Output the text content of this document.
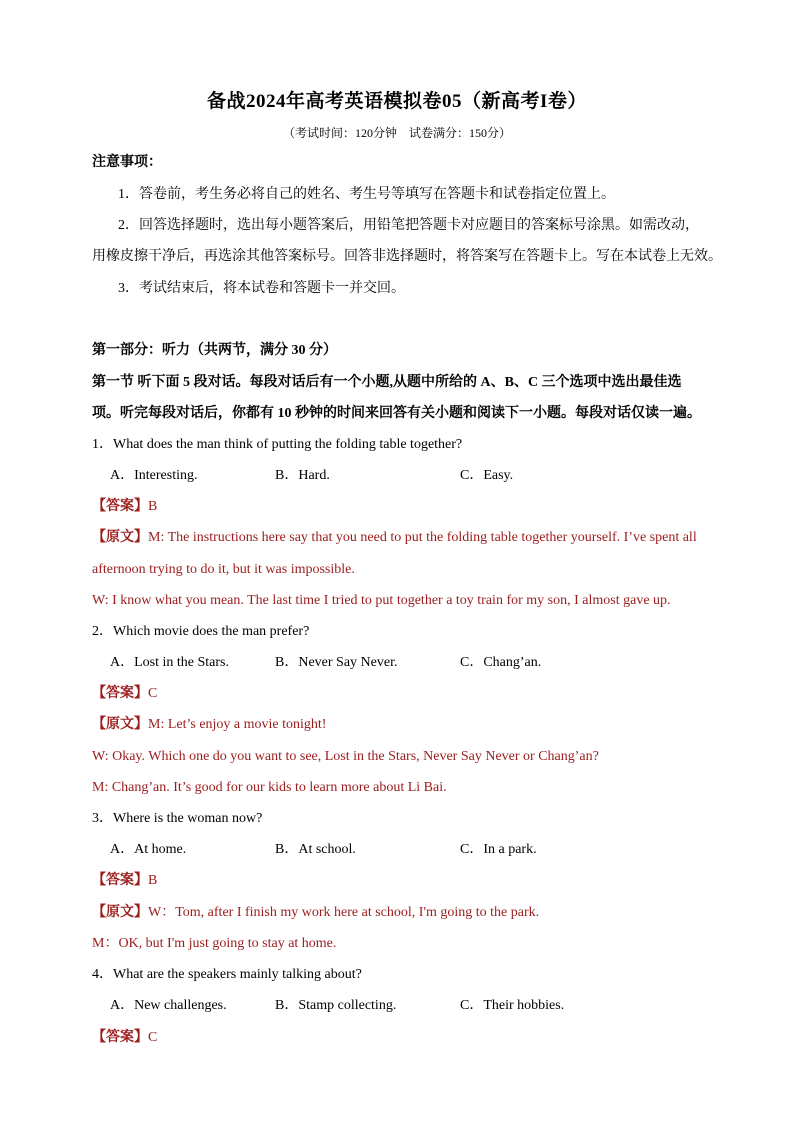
备战2024年高考英语模拟卷05（新高考I卷）
（考试时间：120分钟　试卷满分：150分）
注意事项：
1．答卷前，考生务必将自己的姓名、考生号等填写在答题卡和试卷指定位置上。
2．回答选择题时，选出每小题答案后，用铅笔把答题卡对应题目的答案标号涂黑。如需改动，
用橡皮擦干净后，再选涂其他答案标号。回答非选择题时，将答案写在答题卡上。写在本试卷上无效。
3．考试结束后，将本试卷和答题卡一并交回。
第一部分：听力（共两节，满分 30 分）
第一节 听下面 5 段对话。每段对话后有一个小题,从题中所给的 A、B、C 三个选项中选出最佳选
项。听完每段对话后，你都有 10 秒钟的时间来回答有关小题和阅读下一小题。每段对话仅读一遍。
1．What does the man think of putting the folding table together?
A．Interesting.	B．Hard.	C．Easy.
【答案】B
【原文】M: The instructions here say that you need to put the folding table together yourself. I’ve spent all
afternoon trying to do it, but it was impossible.
W: I know what you mean. The last time I tried to put together a toy train for my son, I almost gave up.
2．Which movie does the man prefer?
A．Lost in the Stars.	B．Never Say Never.	C．Chang’an.
【答案】C
【原文】M: Let’s enjoy a movie tonight!
W: Okay. Which one do you want to see, Lost in the Stars, Never Say Never or Chang’an?
M: Chang’an. It’s good for our kids to learn more about Li Bai.
3．Where is the woman now?
A．At home.	B．At school.	C．In a park.
【答案】B
【原文】W：Tom, after I finish my work here at school, I'm going to the park.
M：OK, but I'm just going to stay at home.
4．What are the speakers mainly talking about?
A．New challenges.	B．Stamp collecting.	C．Their hobbies.
【答案】C
